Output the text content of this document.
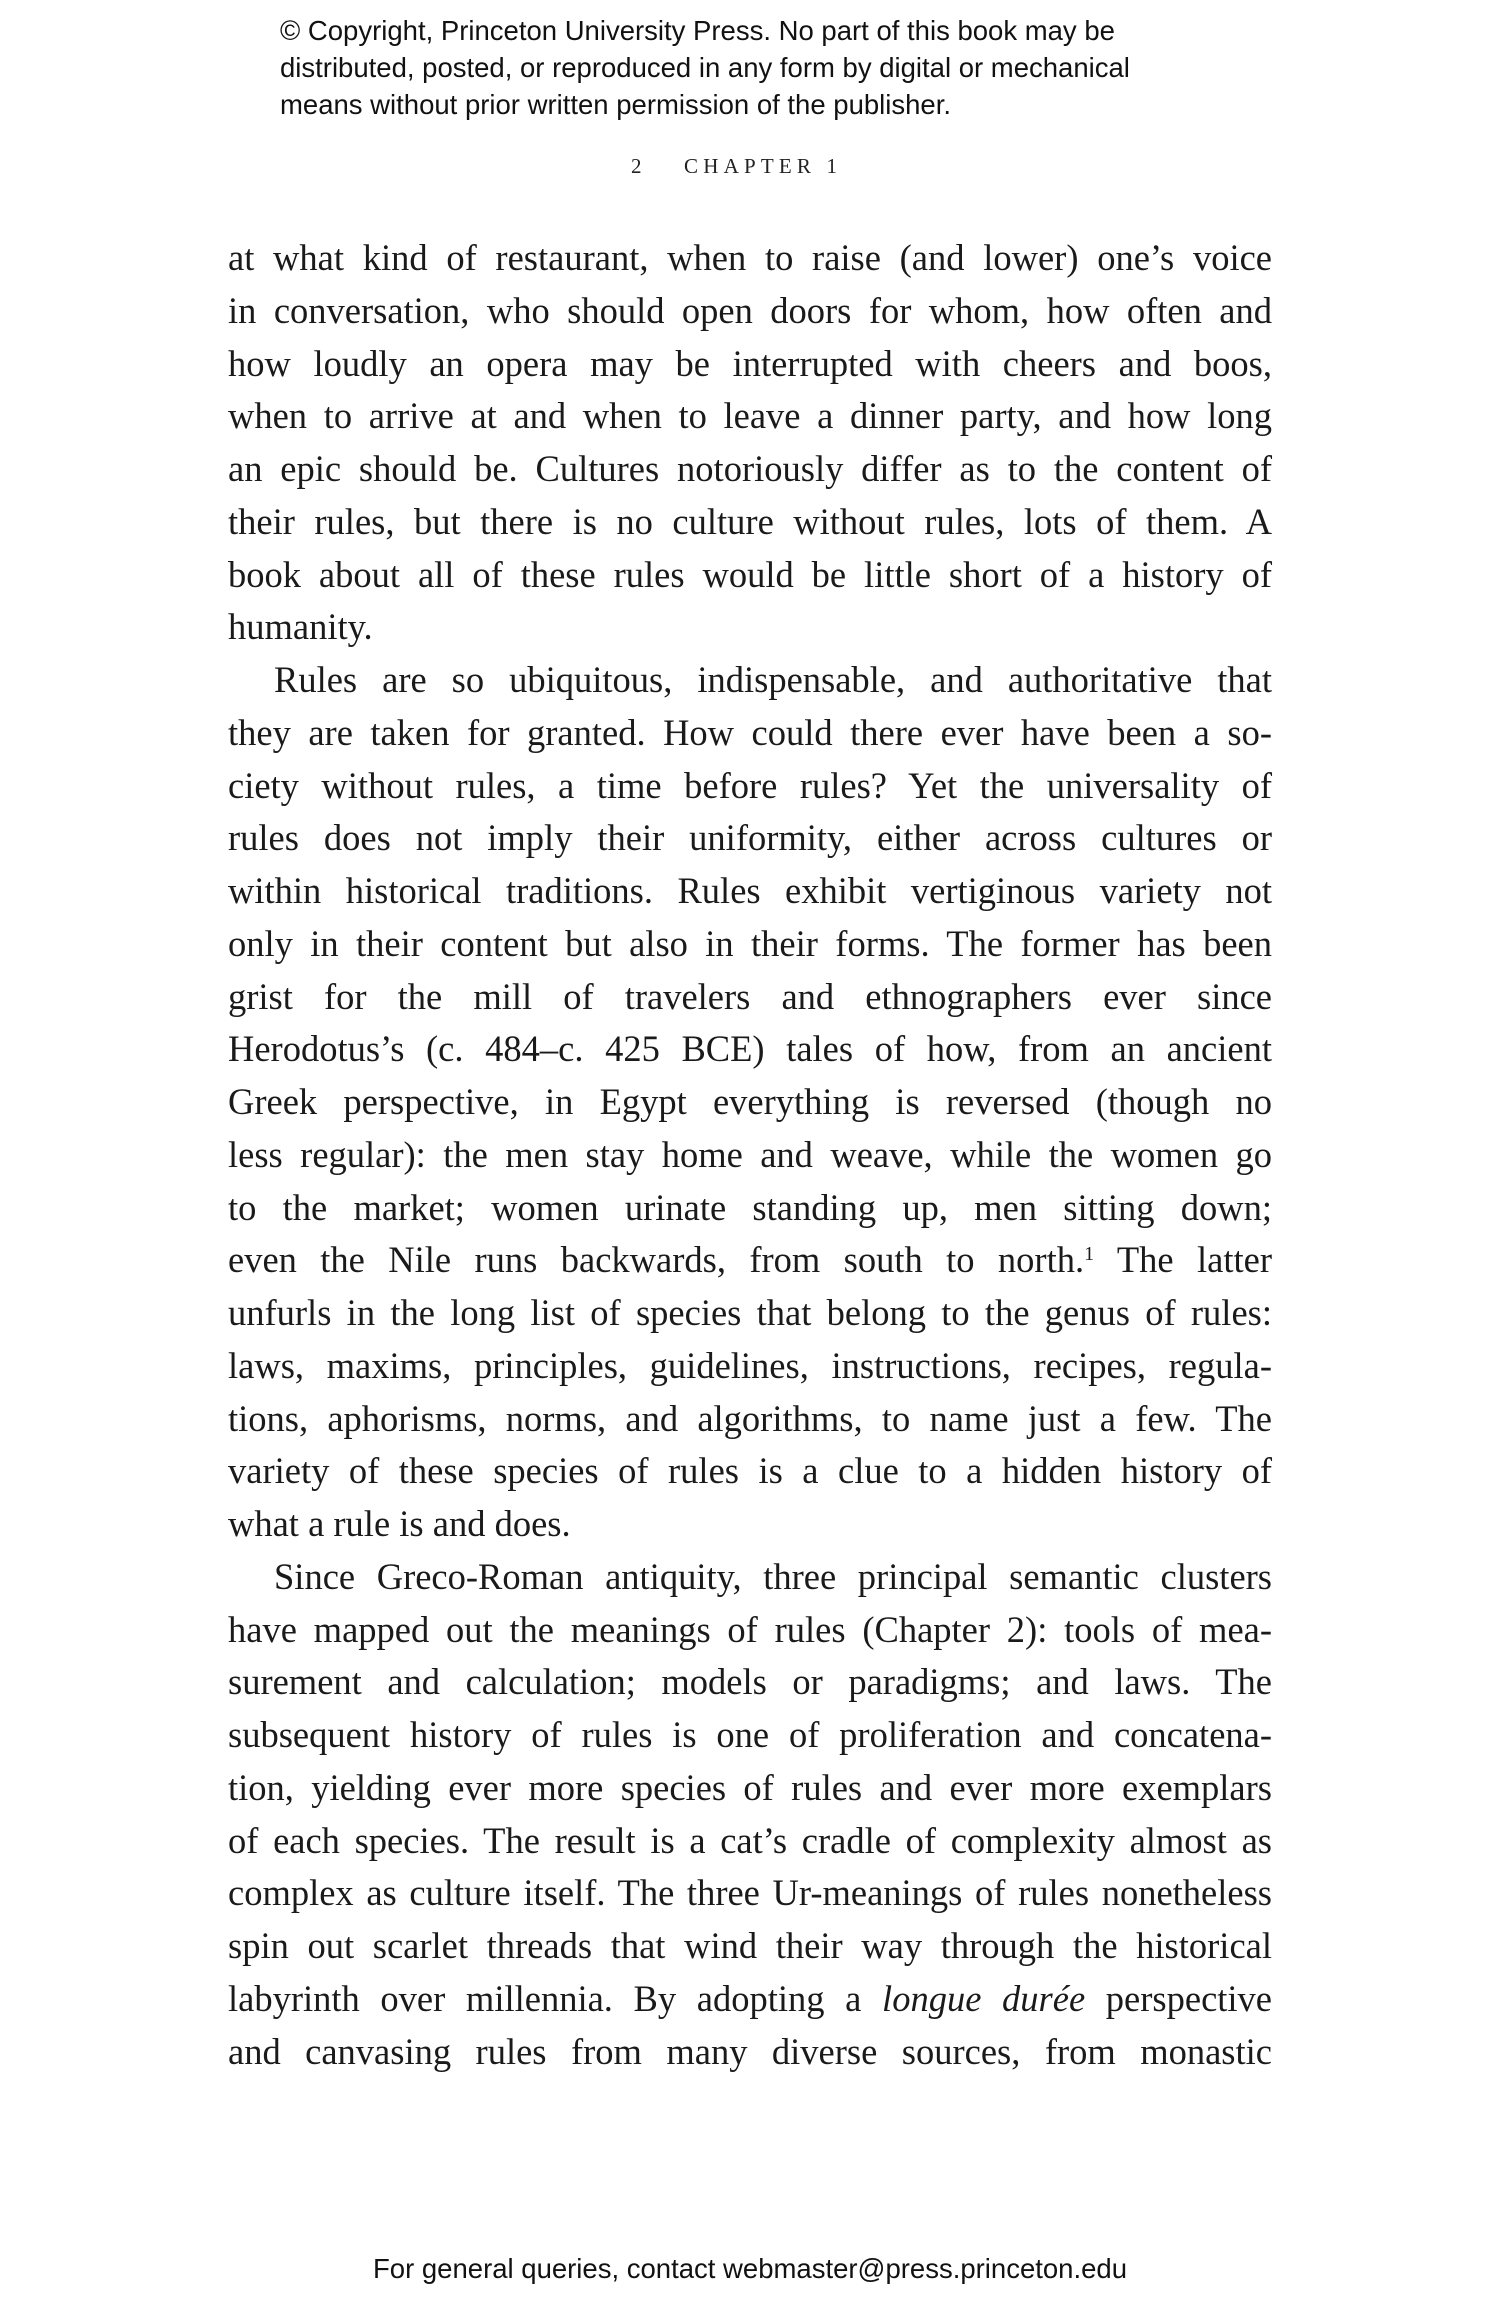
© Copyright, Princeton University Press. No part of this book may be
distributed, posted, or reproduced in any form by digital or mechanical
means without prior written permission of the publisher.
2 CHAPTER 1
at what kind of restaurant, when to raise (and lower) one’s voice
in conversation, who should open doors for whom, how often and
how loudly an opera may be interrupted with cheers and boos,
when to arrive at and when to leave a dinner party, and how long
an epic should be. Cultures notoriously differ as to the content of
their rules, but there is no culture without rules, lots of them. A
book about all of these rules would be little short of a history of
humanity.
Rules are so ubiquitous, indispensable, and authoritative that
they are taken for granted. How could there ever have been a so-
ciety without rules, a time before rules? Yet the universality of
rules does not imply their uniformity, either across cultures or
within historical traditions. Rules exhibit vertiginous variety not
only in their content but also in their forms. The former has been
grist for the mill of travelers and ethnographers ever since
Herodotus’s (c. 484–c. 425 BCE) tales of how, from an ancient
Greek perspective, in Egypt everything is reversed (though no
less regular): the men stay home and weave, while the women go
to the market; women urinate standing up, men sitting down;
even the Nile runs backwards, from south to north.$^1$ The latter
unfurls in the long list of species that belong to the genus of rules:
laws, maxims, principles, guidelines, instructions, recipes, regula-
tions, aphorisms, norms, and algorithms, to name just a few. The
variety of these species of rules is a clue to a hidden history of
what a rule is and does.
Since Greco-Roman antiquity, three principal semantic clusters
have mapped out the meanings of rules (Chapter 2): tools of mea-
surement and calculation; models or paradigms; and laws. The
subsequent history of rules is one of proliferation and concatena-
tion, yielding ever more species of rules and ever more exemplars
of each species. The result is a cat’s cradle of complexity almost as
complex as culture itself. The three Ur-meanings of rules nonetheless
spin out scarlet threads that wind their way through the historical
labyrinth over millennia. By adopting a longue durée perspective
and canvasing rules from many diverse sources, from monastic
For general queries, contact webmaster@press.princeton.edu
